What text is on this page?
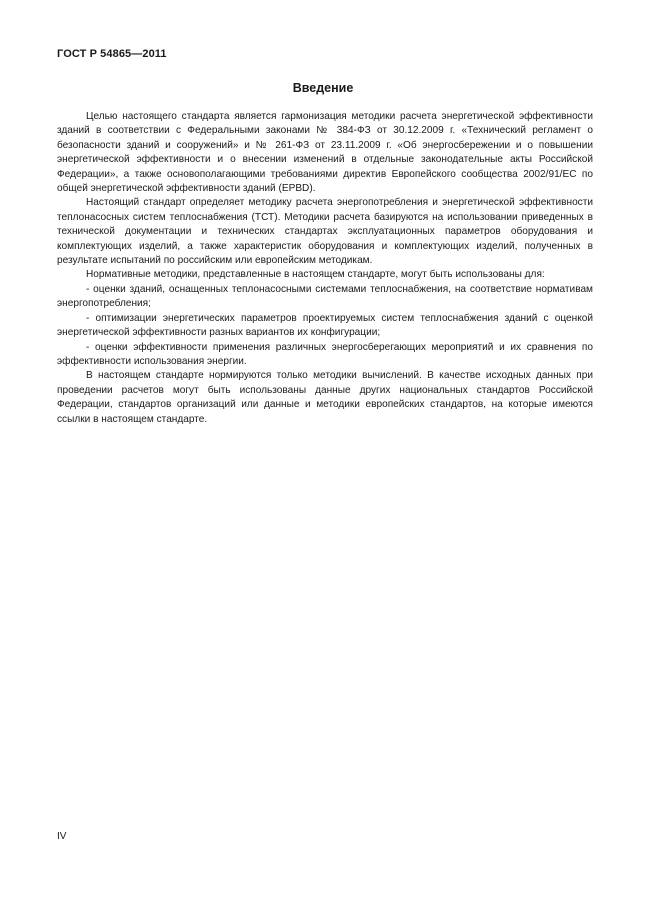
ГОСТ Р 54865—2011
Введение

Целью настоящего стандарта является гармонизация методики расчета энергетической эффективности зданий в соответствии с Федеральными законами № 384-ФЗ от 30.12.2009 г. «Технический регламент о безопасности зданий и сооружений» и № 261-ФЗ от 23.11.2009 г. «Об энергосбережении и о повышении энергетической эффективности и о внесении изменений в отдельные законодательные акты Российской Федерации», а также основополагающими требованиями директив Европейского сообщества 2002/91/ЕС по общей энергетической эффективности зданий (EPBD).

Настоящий стандарт определяет методику расчета энергопотребления и энергетической эффективности теплонасосных систем теплоснабжения (ТСТ). Методики расчета базируются на использовании приведенных в технической документации и технических стандартах эксплуатационных параметров оборудования и комплектующих изделий, а также характеристик оборудования и комплектующих изделий, полученных в результате испытаний по российским или европейским методикам.

Нормативные методики, представленные в настоящем стандарте, могут быть использованы для:

- оценки зданий, оснащенных теплонасосными системами теплоснабжения, на соответствие нормативам энергопотребления;

- оптимизации энергетических параметров проектируемых систем теплоснабжения зданий с оценкой энергетической эффективности разных вариантов их конфигурации;

- оценки эффективности применения различных энергосберегающих мероприятий и их сравнения по эффективности использования энергии.

В настоящем стандарте нормируются только методики вычислений. В качестве исходных данных при проведении расчетов могут быть использованы данные других национальных стандартов Российской Федерации, стандартов организаций или данные и методики европейских стандартов, на которые имеются ссылки в настоящем стандарте.

IV
